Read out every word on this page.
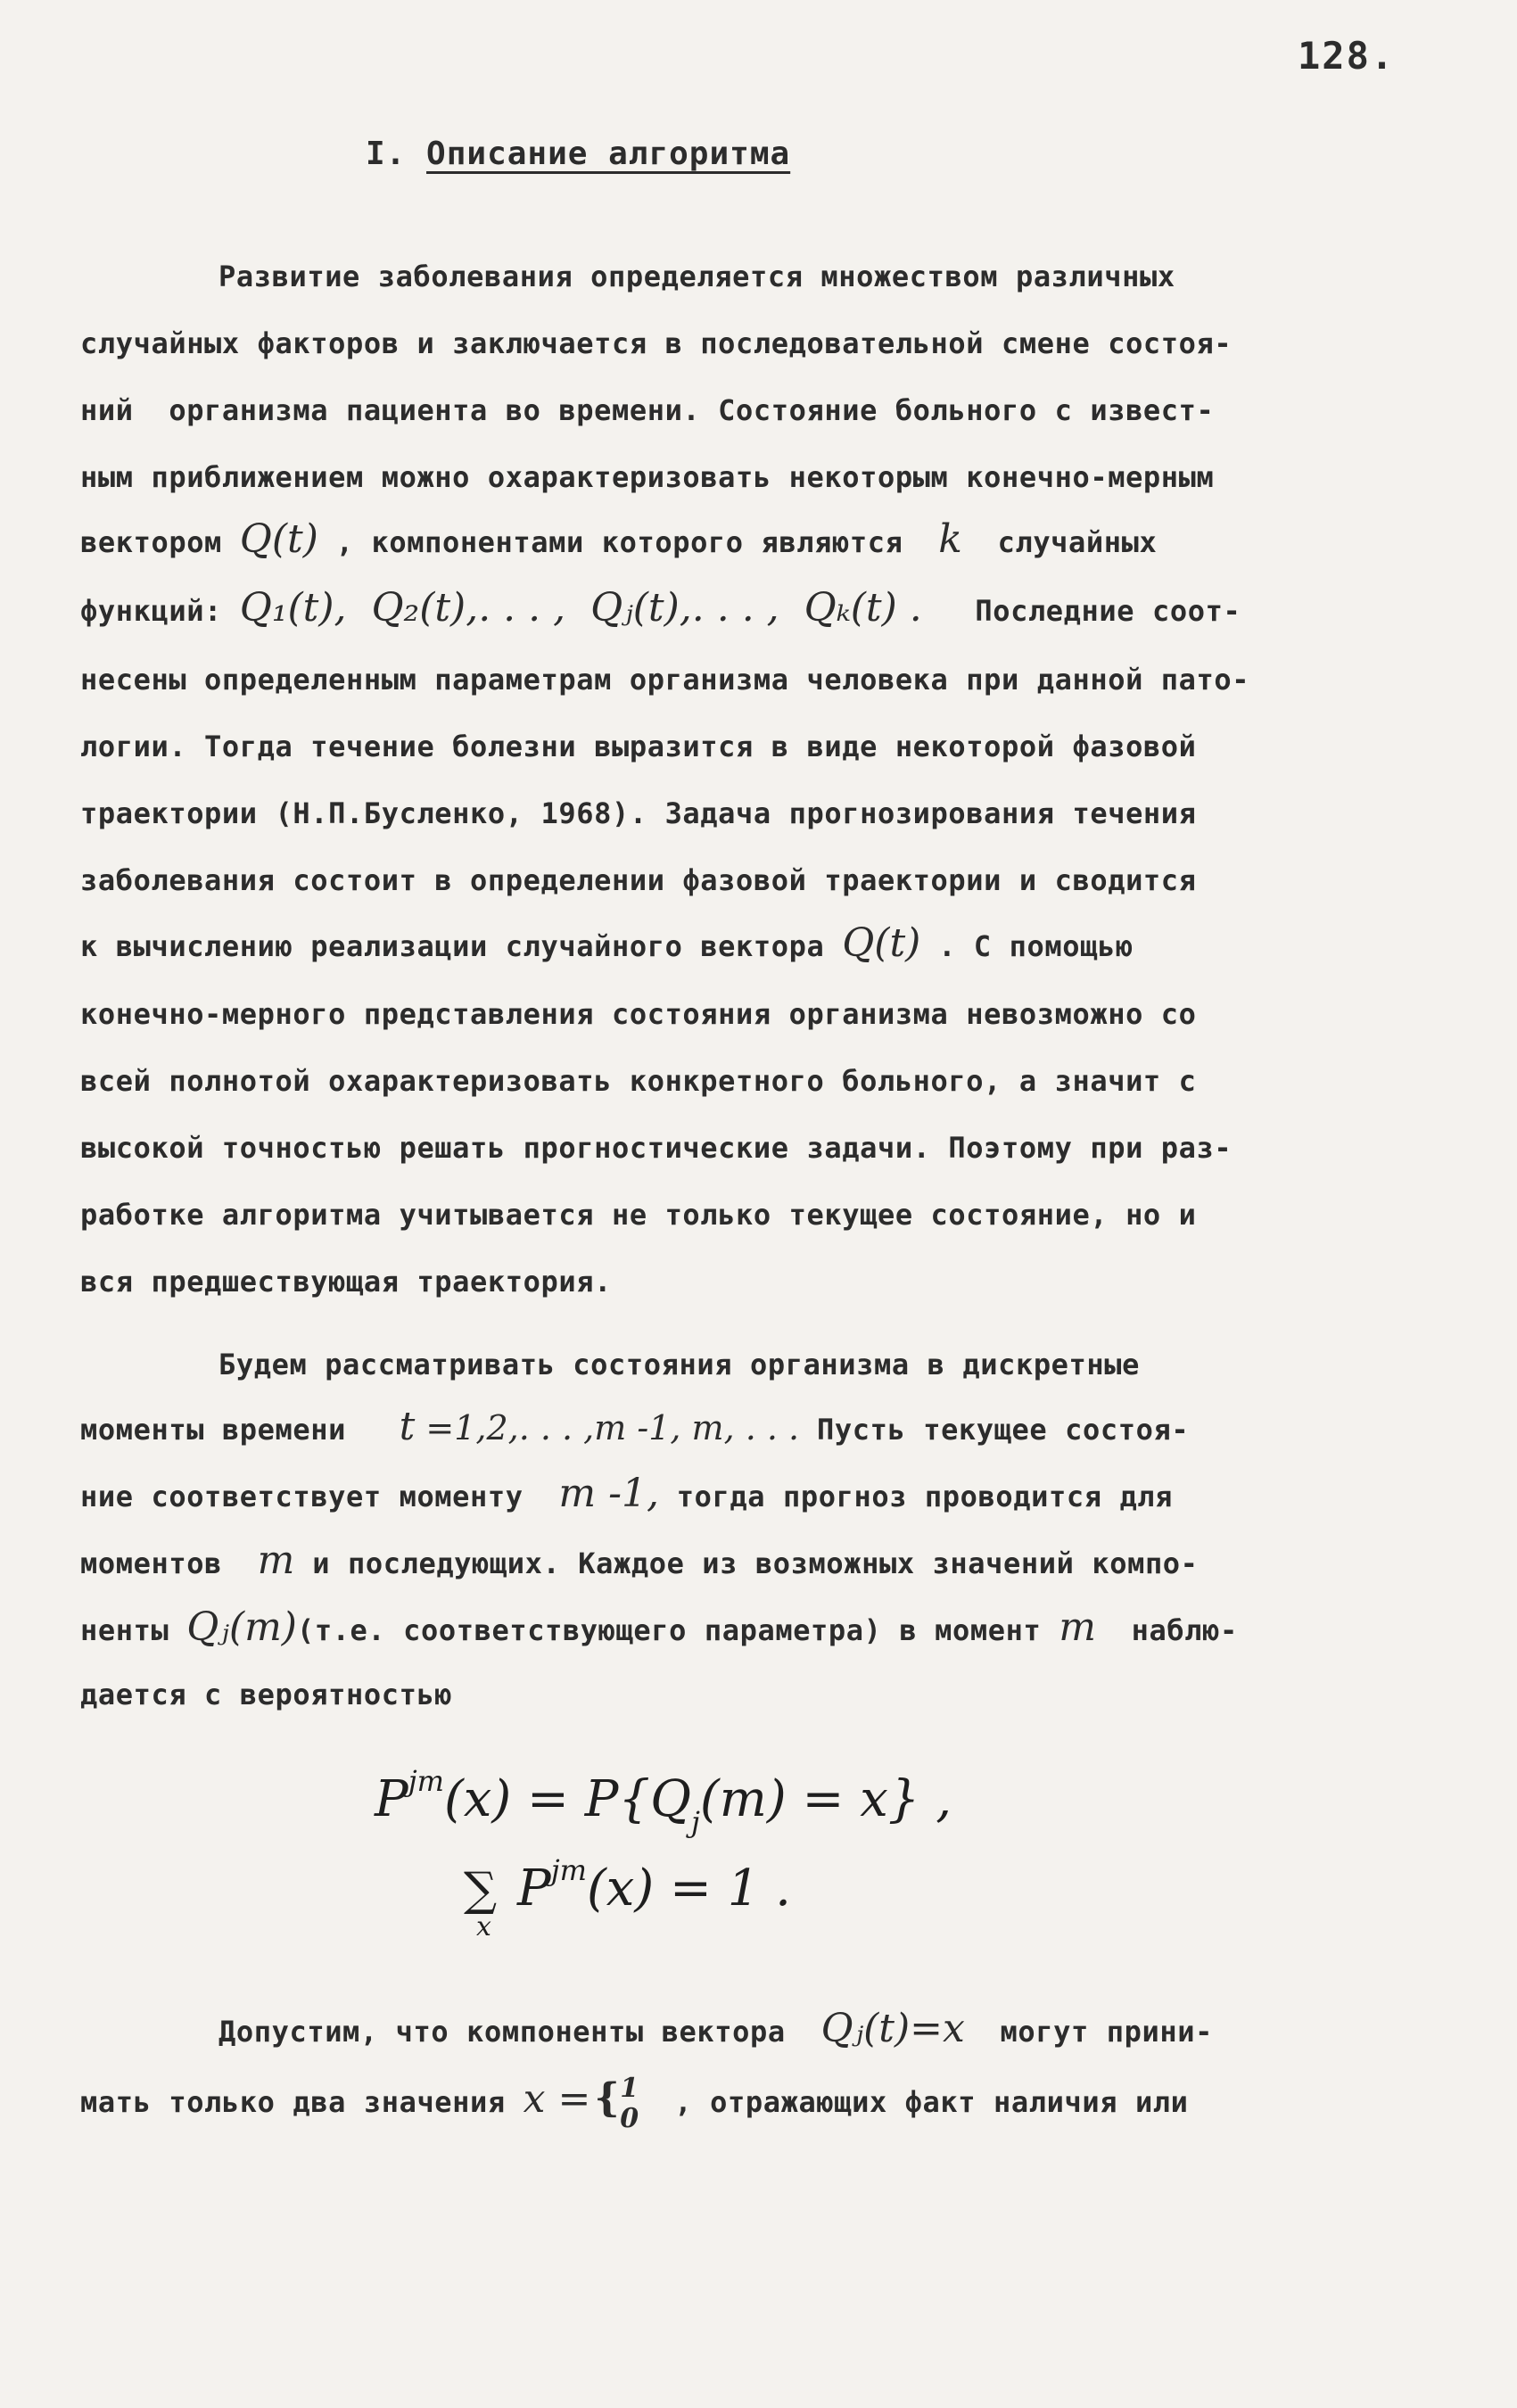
128.
I. Описание алгоритма
Развитие заболевания определяется множеством различных
случайных факторов и заключается в последовательной смене состоя-
ний  организма пациента во времени. Состояние больного с извест-
ным приближением можно охарактеризовать некоторым конечно-мерным
вектором Q(t) , компонентами которого являются  k  случайных
функций: Q₁(t),  Q₂(t),. . . ,  Qⱼ(t),. . . ,  Qₖ(t) .   Последние соот-
несены определенным параметрам организма человека при данной пато-
логии. Тогда течение болезни выразится в виде некоторой фазовой
траектории (Н.П.Бусленко, 1968). Задача прогнозирования течения
заболевания состоит в определении фазовой траектории и сводится
к вычислению реализации случайного вектора Q(t) . С помощью
конечно-мерного представления состояния организма невозможно со
всей полнотой охарактеризовать конкретного больного, а значит с
высокой точностью решать прогностические задачи. Поэтому при раз-
работке алгоритма учитывается не только текущее состояние, но и
вся предшествующая траектория.
Будем рассматривать состояния организма в дискретные
моменты времени   t =1,2,. . . ,m -1, m, . . . Пусть текущее состоя-
ние соответствует моменту  m -1, тогда прогноз проводится для
моментов  m и последующих. Каждое из возможных значений компо-
ненты Qⱼ(m)(т.е. соответствующего параметра) в момент m  наблю-
дается с вероятностью
$P^{jm}(x) = P\{Q_j(m) = x\}$ ,
∑
x
$P^{jm}(x) = 1$ .
Допустим, что компоненты вектора  Qⱼ(t)=x  могут прини-
мать только два значения x ={1
0  , отражающих факт наличия или
